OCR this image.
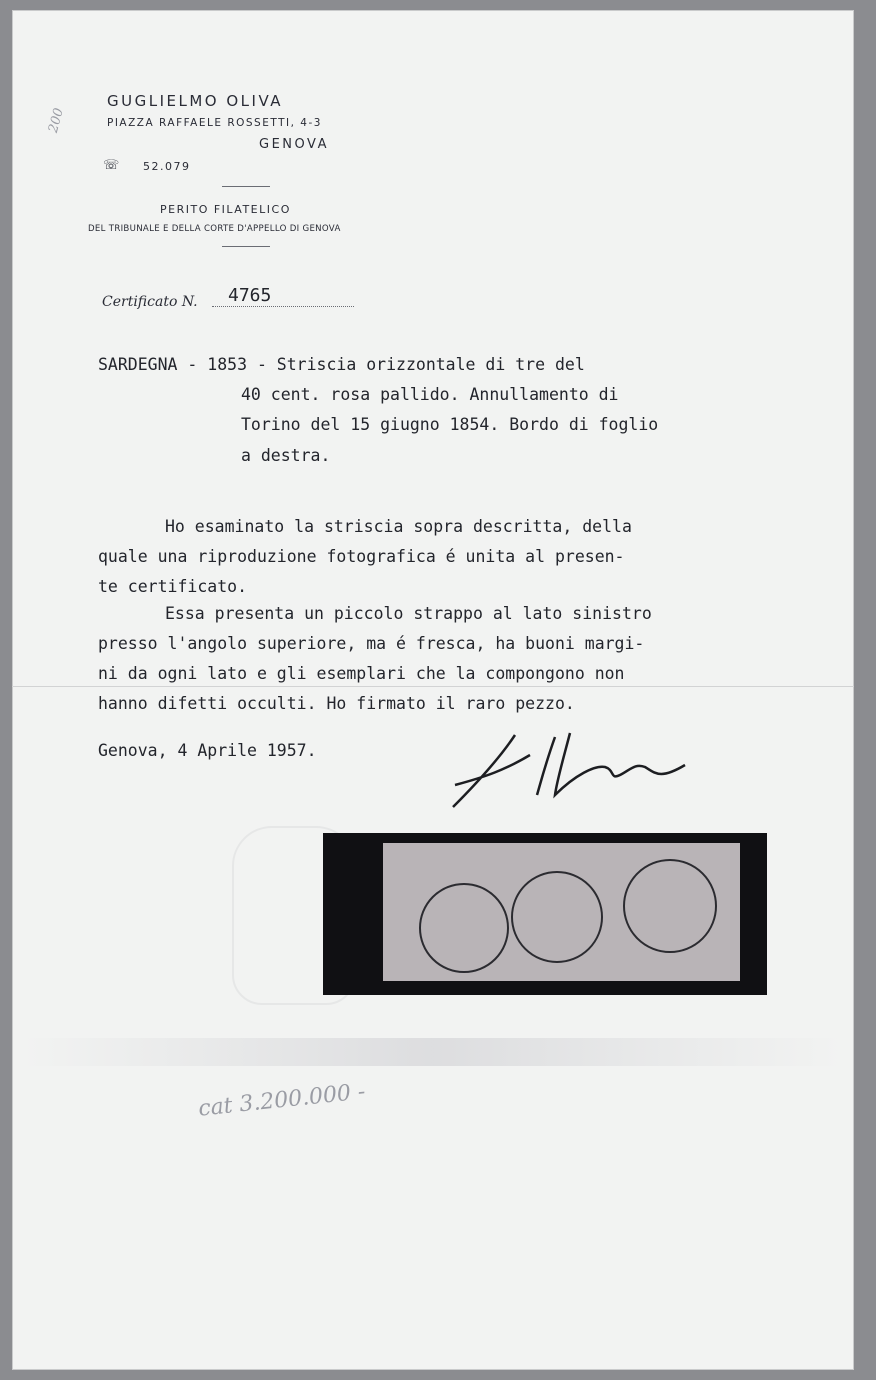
GUGLIELMO OLIVA
PIAZZA RAFFAELE ROSSETTI, 4-3
GENOVA
☏ 52.079
PERITO FILATELICO
DEL TRIBUNALE E DELLA CORTE D'APPELLO DI GENOVA
Certificato N. 4765
SARDEGNA - 1853 - Striscia orizzontale di tre del
40 cent. rosa pallido. Annullamento di
Torino del 15 giugno 1854. Bordo di foglio
a destra.
Ho esaminato la striscia sopra descritta, della
quale una riproduzione fotografica é unita al presen-
te certificato.
Essa presenta un piccolo strappo al lato sinistro
presso l'angolo superiore, ma é fresca, ha buoni margi-
ni da ogni lato e gli esemplari che la compongono non
hanno difetti occulti. Ho firmato il raro pezzo.
Genova, 4 Aprile 1957.
200
cat 3.200.000 -
